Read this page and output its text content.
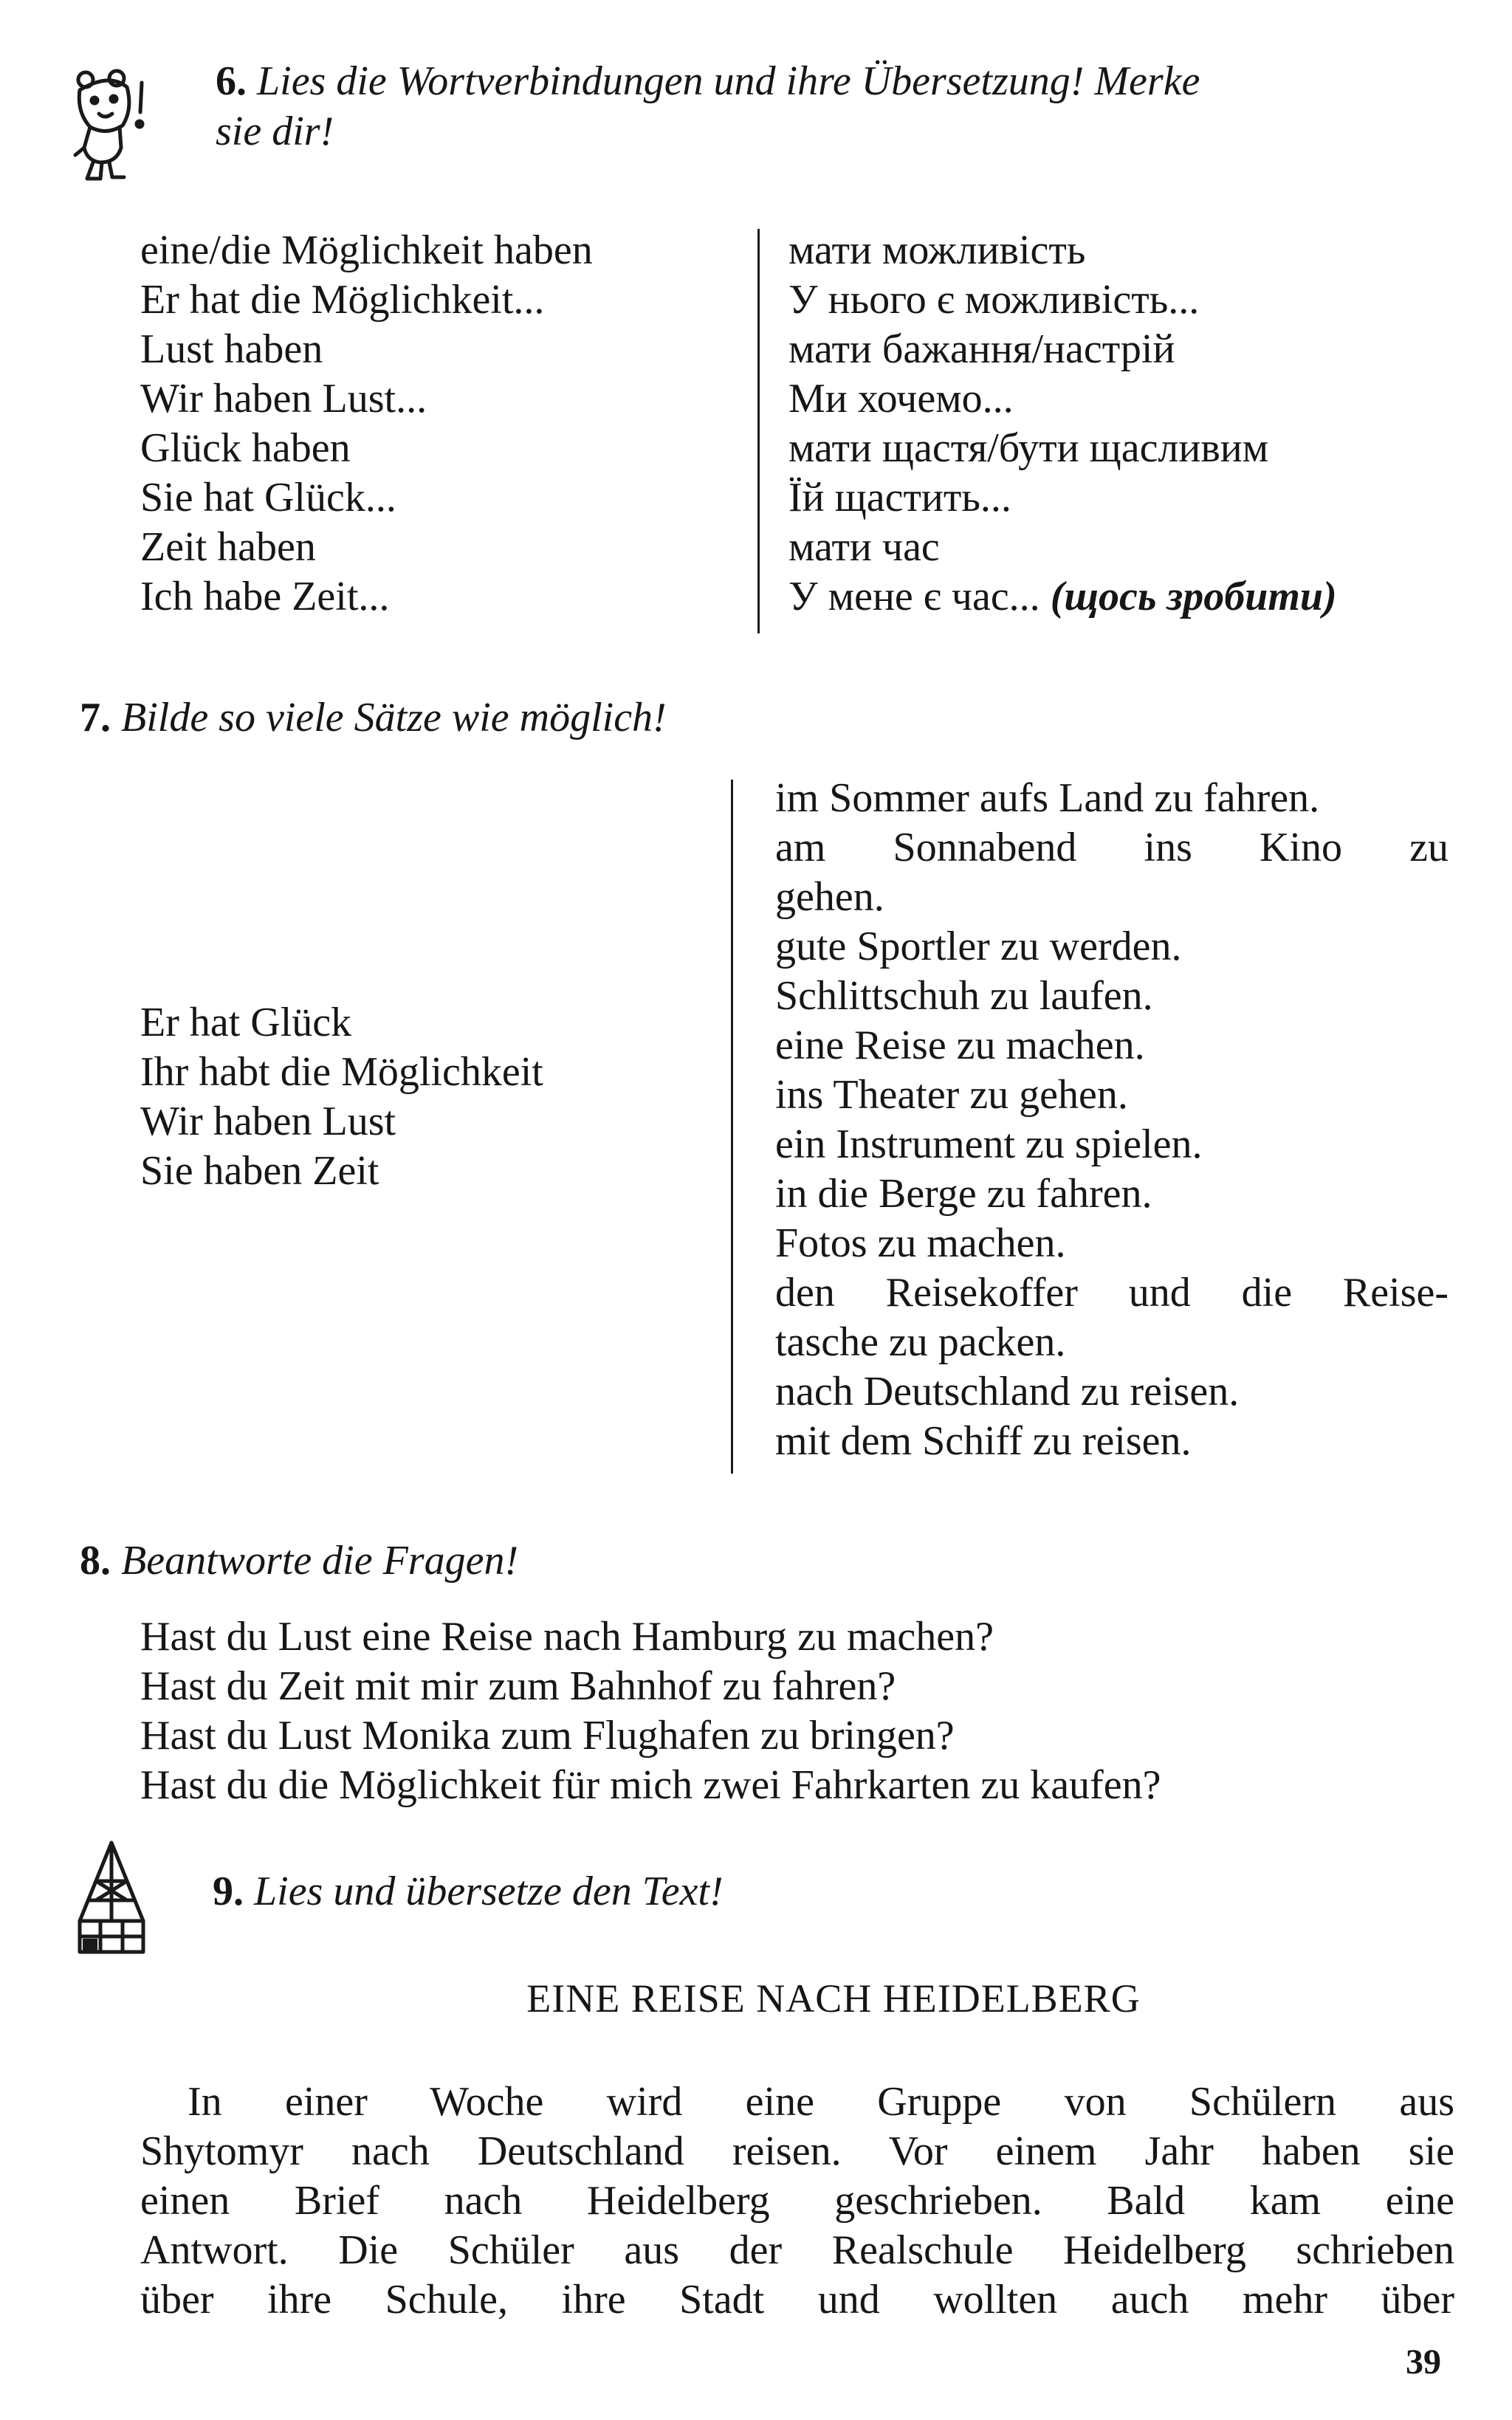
6. Lies die Wortverbindungen und ihre Übersetzung! Merke
sie dir!
eine/die Möglichkeit haben
Er hat die Möglichkeit...
Lust haben
Wir haben Lust...
Glück haben
Sie hat Glück...
Zeit haben
Ich habe Zeit...
мати можливість
У нього є можливість...
мати бажання/настрій
Ми хочемо...
мати щастя/бути щасливим
Їй щастить...
мати час
У мене є час... (щось зробити)
7. Bilde so viele Sätze wie möglich!
Er hat Glück
Ihr habt die Möglichkeit
Wir haben Lust
Sie haben Zeit
im Sommer aufs Land zu fahren.
am Sonnabend ins Kino zu
gehen.
gute Sportler zu werden.
Schlittschuh zu laufen.
eine Reise zu machen.
ins Theater zu gehen.
ein Instrument zu spielen.
in die Berge zu fahren.
Fotos zu machen.
den Reisekoffer und die Reise-
tasche zu packen.
nach Deutschland zu reisen.
mit dem Schiff zu reisen.
8. Beantworte die Fragen!
Hast du Lust eine Reise nach Hamburg zu machen?
Hast du Zeit mit mir zum Bahnhof zu fahren?
Hast du Lust Monika zum Flughafen zu bringen?
Hast du die Möglichkeit für mich zwei Fahrkarten zu kaufen?
9. Lies und übersetze den Text!
EINE REISE NACH HEIDELBERG
In einer Woche wird eine Gruppe von Schülern aus
Shytomyr nach Deutschland reisen. Vor einem Jahr haben sie
einen Brief nach Heidelberg geschrieben. Bald kam eine
Antwort. Die Schüler aus der Realschule Heidelberg schrieben
über ihre Schule, ihre Stadt und wollten auch mehr über
39
